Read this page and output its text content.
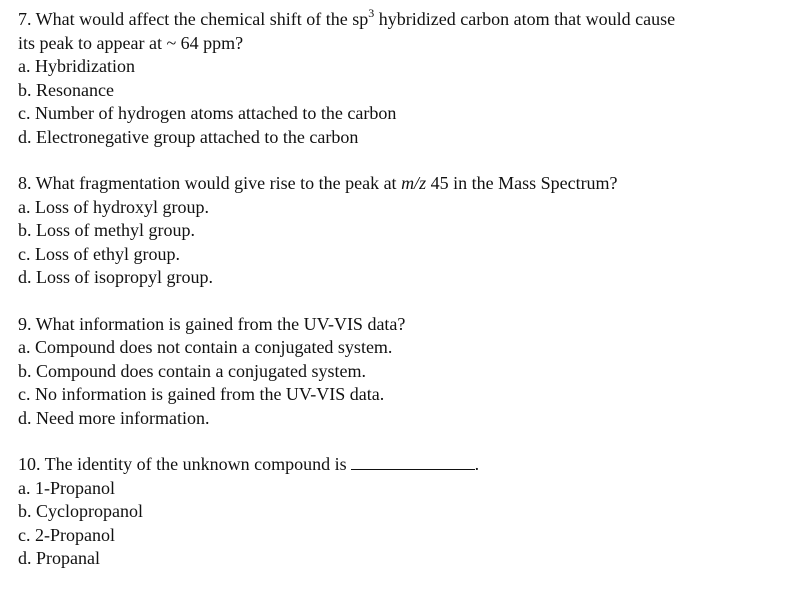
7. What would affect the chemical shift of the $sp^3$ hybridized carbon atom that would cause
its peak to appear at ~ 64 ppm?
a. Hybridization
b. Resonance
c. Number of hydrogen atoms attached to the carbon
d. Electronegative group attached to the carbon
8. What fragmentation would give rise to the peak at m/z 45 in the Mass Spectrum?
a. Loss of hydroxyl group.
b. Loss of methyl group.
c. Loss of ethyl group.
d. Loss of isopropyl group.
9. What information is gained from the UV-VIS data?
a. Compound does not contain a conjugated system.
b. Compound does contain a conjugated system.
c. No information is gained from the UV-VIS data.
d. Need more information.
10. The identity of the unknown compound is	.
a. 1-Propanol
b. Cyclopropanol
c. 2-Propanol
d. Propanal
